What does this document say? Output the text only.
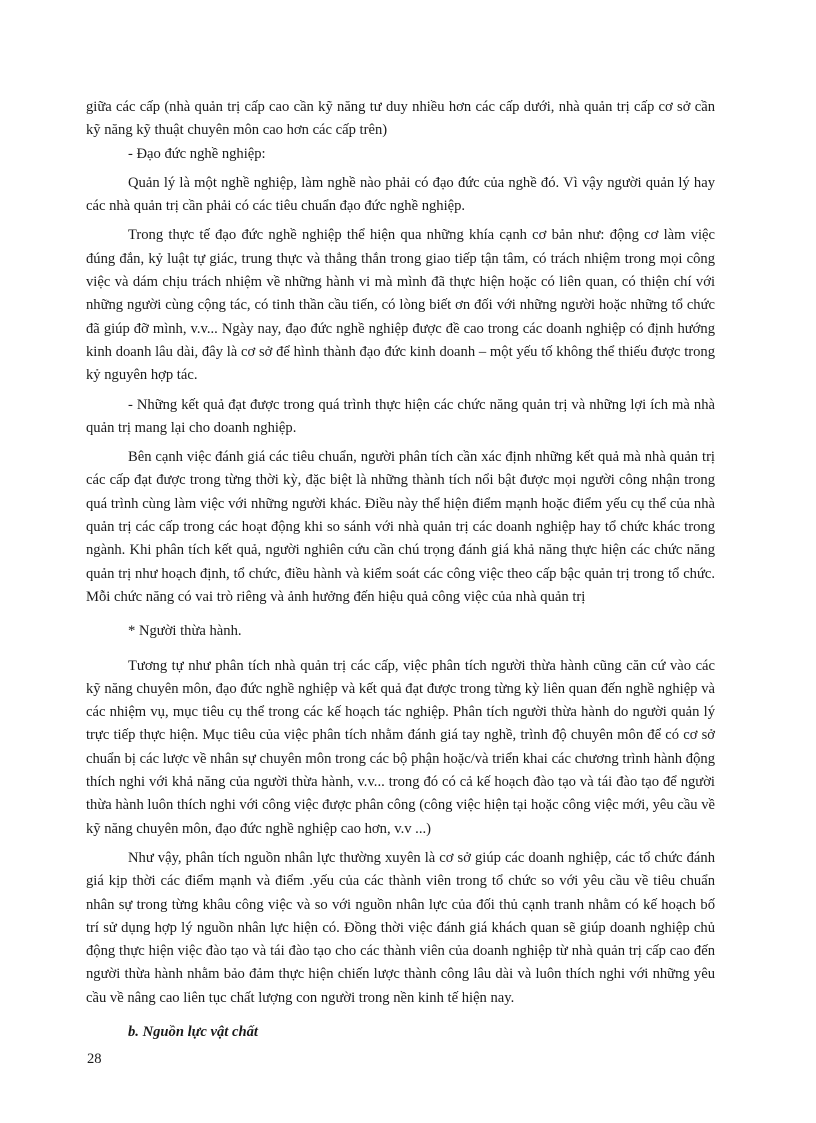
giữa các cấp (nhà quản trị cấp cao cần kỹ năng tư duy nhiều hơn các cấp dưới, nhà quản trị cấp cơ sở cần kỹ năng kỹ thuật chuyên môn cao hơn các cấp trên)

- Đạo đức nghề nghiệp:

Quản lý là một nghề nghiệp, làm nghề nào phải có đạo đức của nghề đó. Vì vậy người quản lý hay các nhà quản trị cần phải có các tiêu chuẩn đạo đức nghề nghiệp.

Trong thực tế đạo đức nghề nghiệp thể hiện qua những khía cạnh cơ bản như: động cơ làm việc đúng đắn, kỷ luật tự giác, trung thực và thẳng thắn trong giao tiếp tận tâm, có trách nhiệm trong mọi công việc và dám chịu trách nhiệm về những hành vi mà mình đã thực hiện hoặc có liên quan, có thiện chí với những người cùng cộng tác, có tinh thần cầu tiến, có lòng biết ơn đối với những người hoặc những tổ chức đã giúp đỡ mình, v.v... Ngày nay, đạo đức nghề nghiệp được đề cao trong các doanh nghiệp có định hướng kinh doanh lâu dài, đây là cơ sở để hình thành đạo đức kinh doanh – một yếu tố không thể thiếu được trong kỷ nguyên hợp tác.

- Những kết quả đạt được trong quá trình thực hiện các chức năng quản trị và những lợi ích mà nhà quản trị mang lại cho doanh nghiệp.

Bên cạnh việc đánh giá các tiêu chuẩn, người phân tích cần xác định những kết quả mà nhà quản trị các cấp đạt được trong từng thời kỳ, đặc biệt là những thành tích nổi bật được mọi người công nhận trong quá trình cùng làm việc với những người khác. Điều này thể hiện điểm mạnh hoặc điểm yếu cụ thể của nhà quản trị các cấp trong các hoạt động khi so sánh với nhà quản trị các doanh nghiệp hay tổ chức khác trong ngành. Khi phân tích kết quả, người nghiên cứu cần chú trọng đánh giá khả năng thực hiện các chức năng quản trị như hoạch định, tổ chức, điều hành và kiểm soát các công việc theo cấp bậc quản trị trong tổ chức. Mỗi chức năng có vai trò riêng và ảnh hưởng đến hiệu quả công việc của nhà quản trị

* Người thừa hành.

Tương tự như phân tích nhà quản trị các cấp, việc phân tích người thừa hành cũng căn cứ vào các kỹ năng chuyên môn, đạo đức nghề nghiệp và kết quả đạt được trong từng kỳ liên quan đến nghề nghiệp và các nhiệm vụ, mục tiêu cụ thể trong các kế hoạch tác nghiệp. Phân tích người thừa hành do người quản lý trực tiếp thực hiện. Mục tiêu của việc phân tích nhằm đánh giá tay nghề, trình độ chuyên môn để có cơ sở chuẩn bị các lược về nhân sự chuyên môn trong các bộ phận hoặc/và triển khai các chương trình hành động thích nghi với khả năng của người thừa hành, v.v... trong đó có cả kế hoạch đào tạo và tái đào tạo để người thừa hành luôn thích nghi với công việc được phân công (công việc hiện tại hoặc công việc mới, yêu cầu về kỹ năng chuyên môn, đạo đức nghề nghiệp cao hơn, v.v ...)

Như vậy, phân tích nguồn nhân lực thường xuyên là cơ sở giúp các doanh nghiệp, các tổ chức đánh giá kịp thời các điểm mạnh và điểm .yếu của các thành viên trong tổ chức so với yêu cầu về tiêu chuẩn nhân sự trong từng khâu công việc và so với nguồn nhân lực của đối thủ cạnh tranh nhằm có kế hoạch bố trí sử dụng hợp lý nguồn nhân lực hiện có. Đồng thời việc đánh giá khách quan sẽ giúp doanh nghiệp chủ động thực hiện việc đào tạo và tái đào tạo cho các thành viên của doanh nghiệp từ nhà quản trị cấp cao đến người thừa hành nhằm bảo đảm thực hiện chiến lược thành công lâu dài và luôn thích nghi với những yêu cầu về nâng cao liên tục chất lượng con người trong nền kinh tế hiện nay.

b. Nguồn lực vật chất

28
